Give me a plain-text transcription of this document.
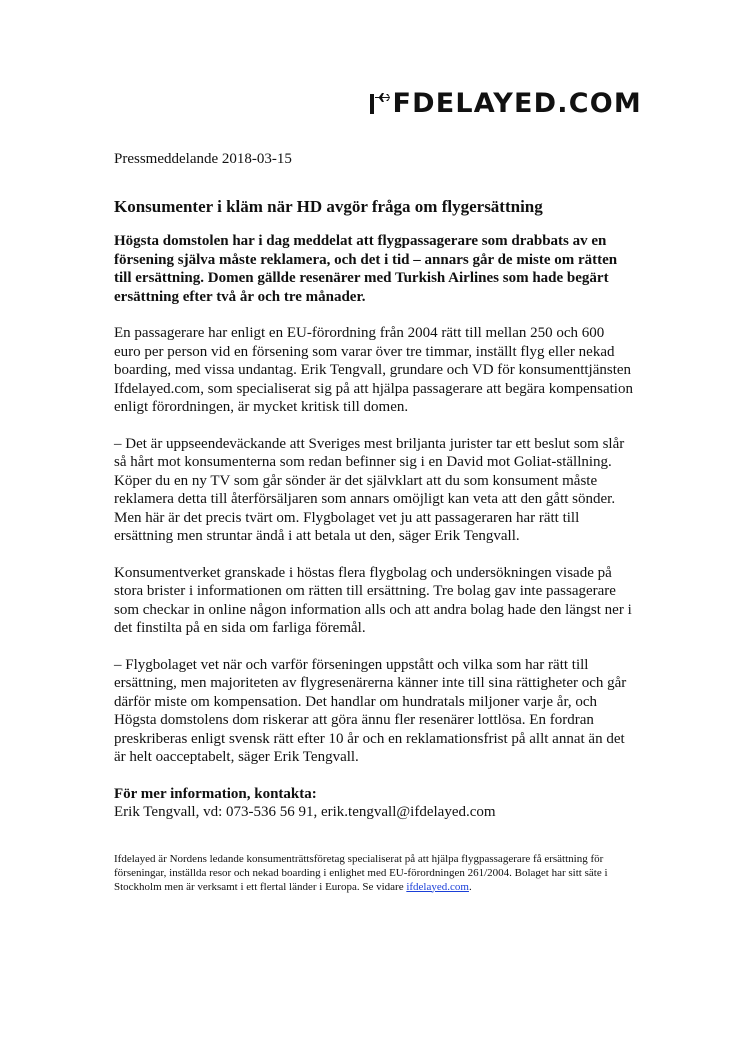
FDELAYED.COM

Pressmeddelande 2018-03-15

Konsumenter i kläm när HD avgör fråga om flygersättning

Högsta domstolen har i dag meddelat att flygpassagerare som drabbats av en försening själva måste reklamera, och det i tid – annars går de miste om rätten till ersättning. Domen gällde resenärer med Turkish Airlines som hade begärt ersättning efter två år och tre månader.

En passagerare har enligt en EU-förordning från 2004 rätt till mellan 250 och 600 euro per person vid en försening som varar över tre timmar, inställt flyg eller nekad boarding, med vissa undantag. Erik Tengvall, grundare och VD för konsumenttjänsten Ifdelayed.com, som specialiserat sig på att hjälpa passagerare att begära kompensation enligt förordningen, är mycket kritisk till domen.

– Det är uppseendeväckande att Sveriges mest briljanta jurister tar ett beslut som slår så hårt mot konsumenterna som redan befinner sig i en David mot Goliat-ställning. Köper du en ny TV som går sönder är det självklart att du som konsument måste reklamera detta till återförsäljaren som annars omöjligt kan veta att den gått sönder. Men här är det precis tvärt om. Flygbolaget vet ju att passageraren har rätt till ersättning men struntar ändå i att betala ut den, säger Erik Tengvall.

Konsumentverket granskade i höstas flera flygbolag och undersökningen visade på stora brister i informationen om rätten till ersättning. Tre bolag gav inte passagerare som checkar in online någon information alls och att andra bolag hade den längst ner i det finstilta på en sida om farliga föremål.

– Flygbolaget vet när och varför förseningen uppstått och vilka som har rätt till ersättning, men majoriteten av flygresenärerna känner inte till sina rättigheter och går därför miste om kompensation. Det handlar om hundratals miljoner varje år, och Högsta domstolens dom riskerar att göra ännu fler resenärer lottlösa. En fordran preskriberas enligt svensk rätt efter 10 år och en reklamationsfrist på allt annat än det är helt oacceptabelt, säger Erik Tengvall.

För mer information, kontakta:

Erik Tengvall, vd: 073-536 56 91, erik.tengvall@ifdelayed.com

Ifdelayed är Nordens ledande konsumenträttsföretag specialiserat på att hjälpa flygpassagerare få ersättning för förseningar, inställda resor och nekad boarding i enlighet med EU-förordningen 261/2004. Bolaget har sitt säte i Stockholm men är verksamt i ett flertal länder i Europa. Se vidare ifdelayed.com.
